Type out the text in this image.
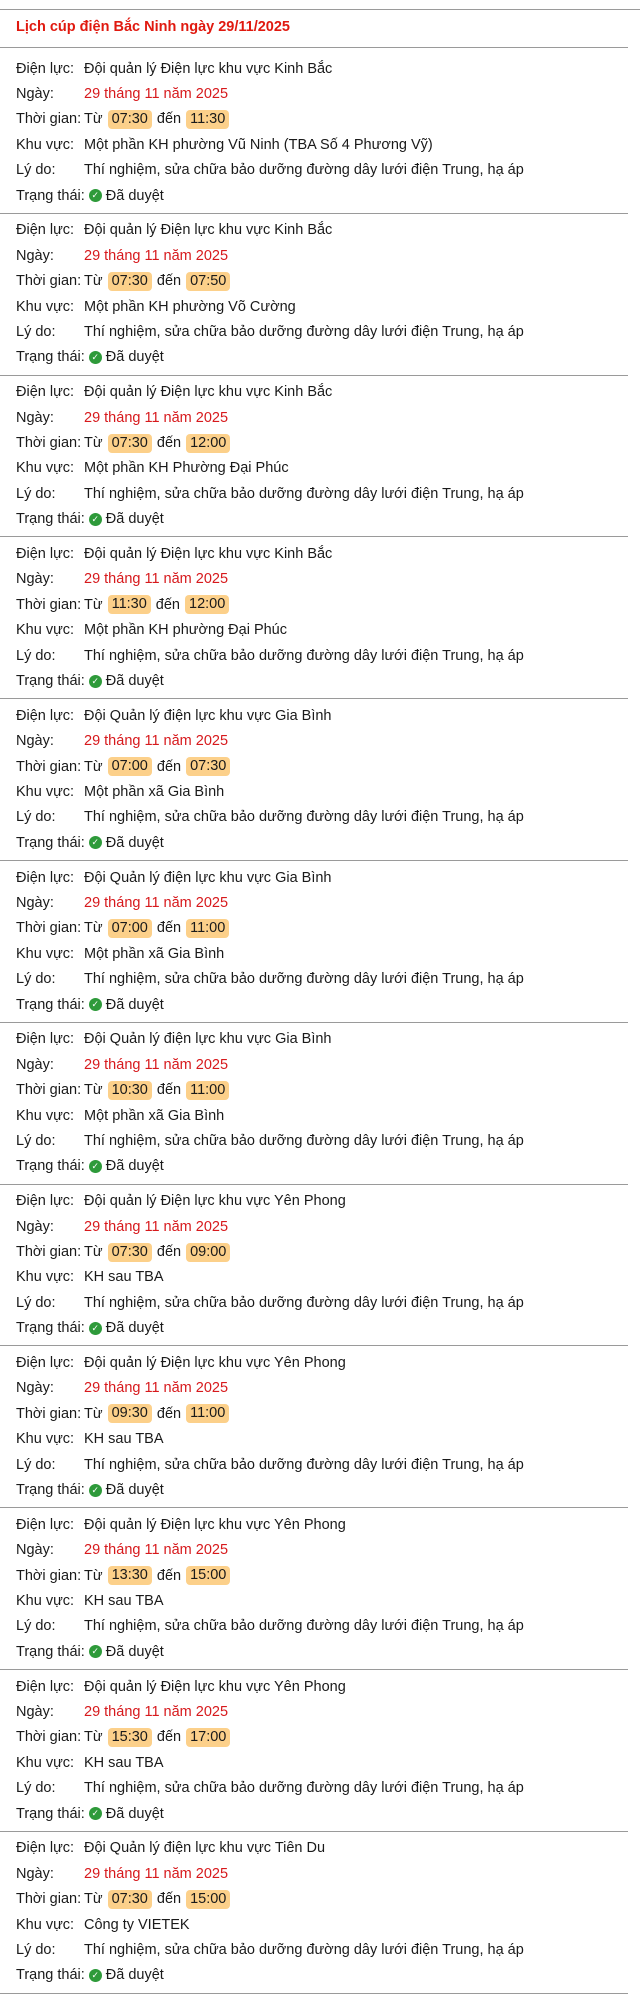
Lịch cúp điện Bắc Ninh ngày 29/11/2025
Điện lực: Đội quản lý Điện lực khu vực Kinh Bắc
Ngày:	29 tháng 11 năm 2025
Thời gian: Từ 07:30 đến 11:30
Khu vực: Một phần KH phường Vũ Ninh (TBA Số 4 Phương Vỹ)
Lý do:	Thí nghiệm, sửa chữa bảo dưỡng đường dây lưới điện Trung, hạ áp
Trạng thái: ✓ Đã duyệt
Điện lực: Đội quản lý Điện lực khu vực Kinh Bắc
Ngày:	29 tháng 11 năm 2025
Thời gian: Từ 07:30 đến 07:50
Khu vực: Một phần KH phường Võ Cường
Lý do:	Thí nghiệm, sửa chữa bảo dưỡng đường dây lưới điện Trung, hạ áp
Trạng thái: ✓ Đã duyệt
Điện lực: Đội quản lý Điện lực khu vực Kinh Bắc
Ngày:	29 tháng 11 năm 2025
Thời gian: Từ 07:30 đến 12:00
Khu vực: Một phần KH Phường Đại Phúc
Lý do:	Thí nghiệm, sửa chữa bảo dưỡng đường dây lưới điện Trung, hạ áp
Trạng thái: ✓ Đã duyệt
Điện lực: Đội quản lý Điện lực khu vực Kinh Bắc
Ngày:	29 tháng 11 năm 2025
Thời gian: Từ 11:30 đến 12:00
Khu vực: Một phần KH phường Đại Phúc
Lý do:	Thí nghiệm, sửa chữa bảo dưỡng đường dây lưới điện Trung, hạ áp
Trạng thái: ✓ Đã duyệt
Điện lực: Đội Quản lý điện lực khu vực Gia Bình
Ngày:	29 tháng 11 năm 2025
Thời gian: Từ 07:00 đến 07:30
Khu vực: Một phần xã Gia Bình
Lý do:	Thí nghiệm, sửa chữa bảo dưỡng đường dây lưới điện Trung, hạ áp
Trạng thái: ✓ Đã duyệt
Điện lực: Đội Quản lý điện lực khu vực Gia Bình
Ngày:	29 tháng 11 năm 2025
Thời gian: Từ 07:00 đến 11:00
Khu vực: Một phần xã Gia Bình
Lý do:	Thí nghiệm, sửa chữa bảo dưỡng đường dây lưới điện Trung, hạ áp
Trạng thái: ✓ Đã duyệt
Điện lực: Đội Quản lý điện lực khu vực Gia Bình
Ngày:	29 tháng 11 năm 2025
Thời gian: Từ 10:30 đến 11:00
Khu vực: Một phần xã Gia Bình
Lý do:	Thí nghiệm, sửa chữa bảo dưỡng đường dây lưới điện Trung, hạ áp
Trạng thái: ✓ Đã duyệt
Điện lực: Đội quản lý Điện lực khu vực Yên Phong
Ngày:	29 tháng 11 năm 2025
Thời gian: Từ 07:30 đến 09:00
Khu vực: KH sau TBA
Lý do:	Thí nghiệm, sửa chữa bảo dưỡng đường dây lưới điện Trung, hạ áp
Trạng thái: ✓ Đã duyệt
Điện lực: Đội quản lý Điện lực khu vực Yên Phong
Ngày:	29 tháng 11 năm 2025
Thời gian: Từ 09:30 đến 11:00
Khu vực: KH sau TBA
Lý do:	Thí nghiệm, sửa chữa bảo dưỡng đường dây lưới điện Trung, hạ áp
Trạng thái: ✓ Đã duyệt
Điện lực: Đội quản lý Điện lực khu vực Yên Phong
Ngày:	29 tháng 11 năm 2025
Thời gian: Từ 13:30 đến 15:00
Khu vực: KH sau TBA
Lý do:	Thí nghiệm, sửa chữa bảo dưỡng đường dây lưới điện Trung, hạ áp
Trạng thái: ✓ Đã duyệt
Điện lực: Đội quản lý Điện lực khu vực Yên Phong
Ngày:	29 tháng 11 năm 2025
Thời gian: Từ 15:30 đến 17:00
Khu vực: KH sau TBA
Lý do:	Thí nghiệm, sửa chữa bảo dưỡng đường dây lưới điện Trung, hạ áp
Trạng thái: ✓ Đã duyệt
Điện lực: Đội Quản lý điện lực khu vực Tiên Du
Ngày:	29 tháng 11 năm 2025
Thời gian: Từ 07:30 đến 15:00
Khu vực: Công ty VIETEK
Lý do:	Thí nghiệm, sửa chữa bảo dưỡng đường dây lưới điện Trung, hạ áp
Trạng thái: ✓ Đã duyệt
